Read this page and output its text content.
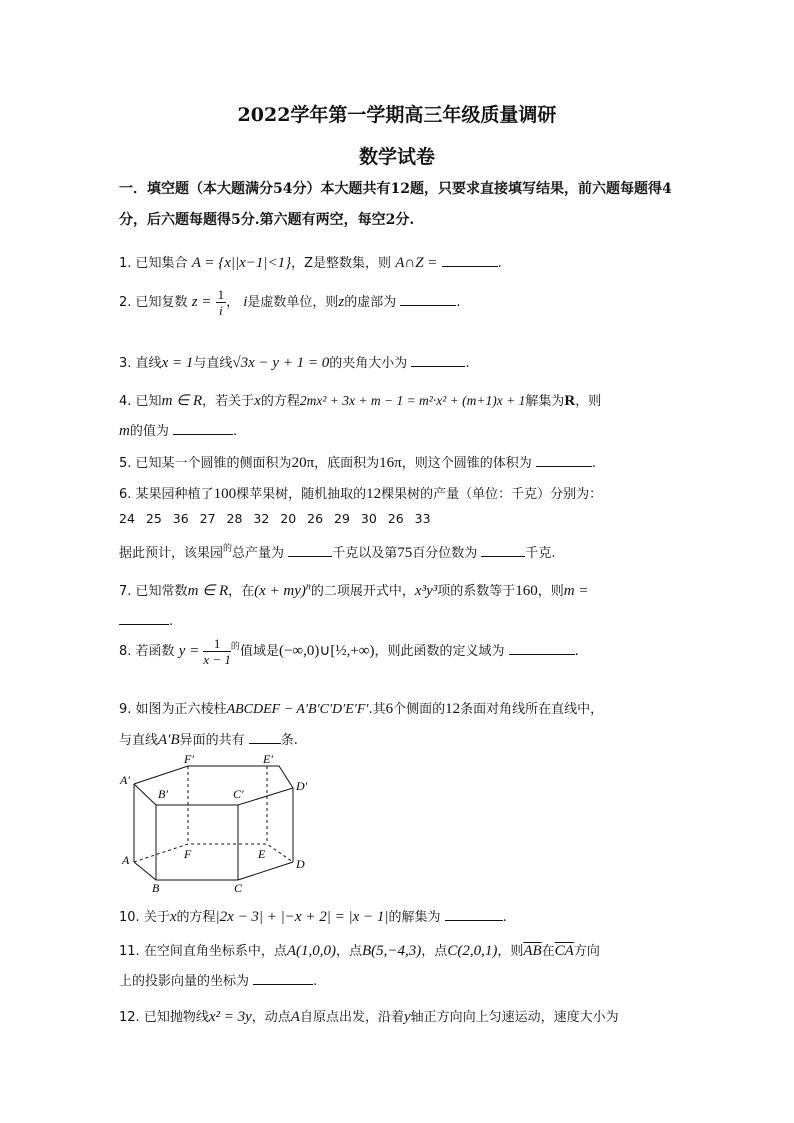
2022学年第一学期高三年级质量调研
数学试卷
一．填空题（本大题满分54分）本大题共有12题，只要求直接填写结果，前六题每题得4分，后六题每题得5分.第六题有两空，每空2分.
1. 已知集合 A = {x||x−1|<1}，Z是整数集，则 A∩Z =	.
2. 已知复数 $z = \frac{1}{i}$ ， i是虚数单位，则z的虚部为	.
3. 直线x = 1与直线√3x − y + 1 = 0的夹角大小为	.
4. 已知m ∈ R，若关于x的方程2mx² + 3x + m − 1 = m²·x² + (m+1)x + 1解集为R，则
m的值为	.
5. 已知某一个圆锥的侧面积为20π，底面积为16π，则这个圆锥的体积为	.
6. 某果园种植了100棵苹果树，随机抽取的12棵果树的产量（单位：千克）分别为：
24 25 36 27 28 32 20 26 29 30 26 33
据此预计，该果园$^的$总产量为	千克以及第75百分位数为	千克.
7. 已知常数m ∈ R，在(x + my)$^n$的二项展开式中，x³y³项的系数等于160，则m =
.
8. 若函数 $y = \frac{1}{x - 1} ^的$值域是(−∞,0)∪[½,+∞)，则此函数的定义域为	.
9. 如图为正六棱柱ABCDEF − A′B′C′D′E′F′.其6个侧面的12条面对角线所在直线中，
与直线A′B异面的共有	条.
A′
F′	E′
D′
B′	C′
A	F	E
D
B	C
10. 关于x的方程|2x − 3| + |−x + 2| = |x − 1|的解集为	.
11. 在空间直角坐标系中，点A(1,0,0)，点B(5,−4,3)，点C(2,0,1)，则$\overline{AB}$在$\overline{CA}$方向
上的投影向量的坐标为	.
12. 已知抛物线x² = 3y，动点A自原点出发，沿着y轴正方向向上匀速运动，速度大小为
